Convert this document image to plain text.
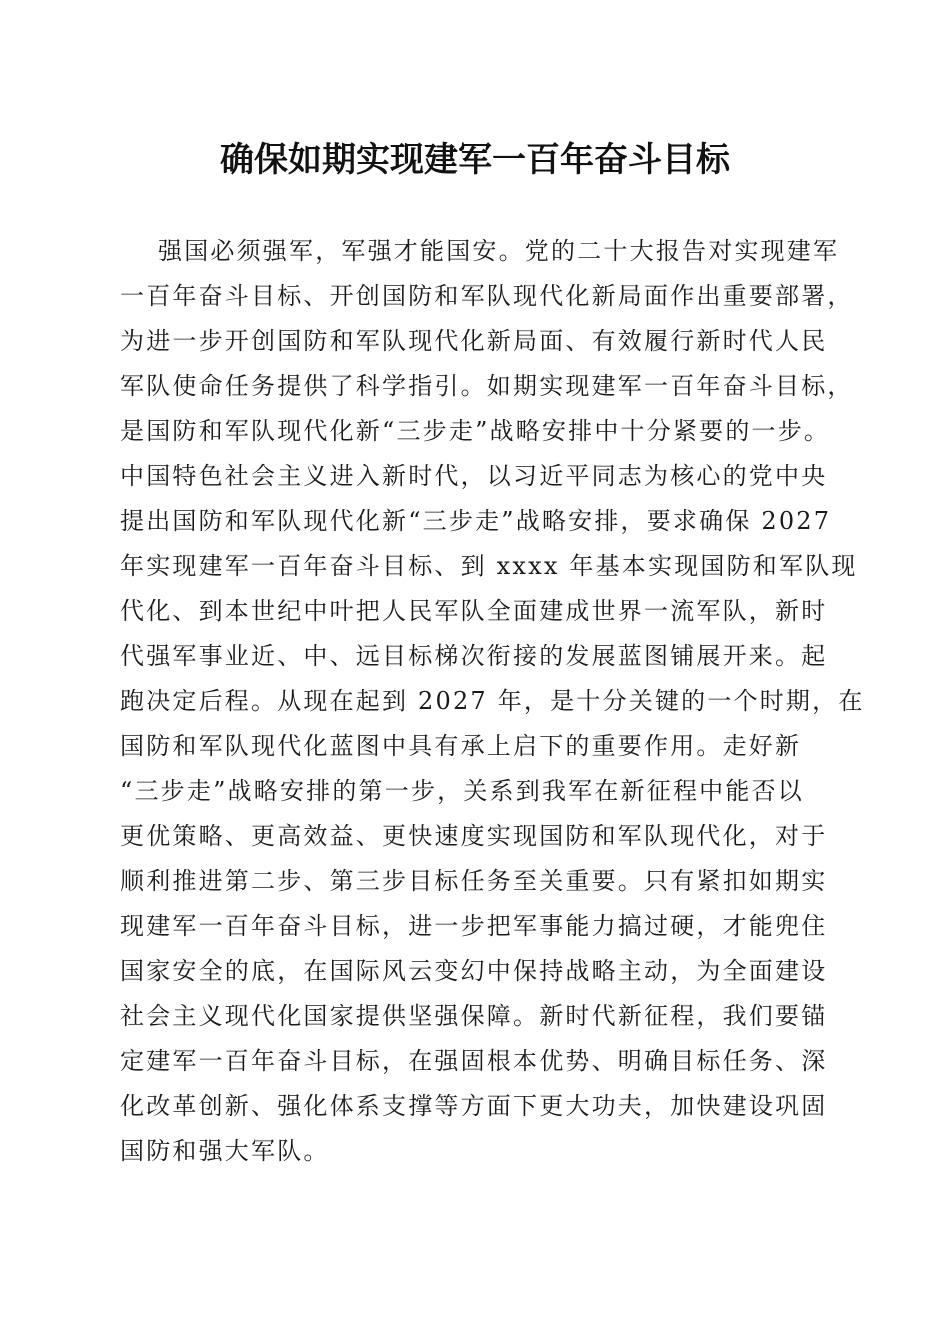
确保如期实现建军一百年奋斗目标
强国必须强军，军强才能国安。党的二十大报告对实现建军
一百年奋斗目标、开创国防和军队现代化新局面作出重要部署，
为进一步开创国防和军队现代化新局面、有效履行新时代人民
军队使命任务提供了科学指引。如期实现建军一百年奋斗目标，
是国防和军队现代化新“三步走”战略安排中十分紧要的一步。
中国特色社会主义进入新时代，以习近平同志为核心的党中央
提出国防和军队现代化新“三步走”战略安排，要求确保 2027
年实现建军一百年奋斗目标、到 xxxx 年基本实现国防和军队现
代化、到本世纪中叶把人民军队全面建成世界一流军队，新时
代强军事业近、中、远目标梯次衔接的发展蓝图铺展开来。起
跑决定后程。从现在起到 2027 年，是十分关键的一个时期，在
国防和军队现代化蓝图中具有承上启下的重要作用。走好新
“三步走”战略安排的第一步，关系到我军在新征程中能否以
更优策略、更高效益、更快速度实现国防和军队现代化，对于
顺利推进第二步、第三步目标任务至关重要。只有紧扣如期实
现建军一百年奋斗目标，进一步把军事能力搞过硬，才能兜住
国家安全的底，在国际风云变幻中保持战略主动，为全面建设
社会主义现代化国家提供坚强保障。新时代新征程，我们要锚
定建军一百年奋斗目标，在强固根本优势、明确目标任务、深
化改革创新、强化体系支撑等方面下更大功夫，加快建设巩固
国防和强大军队。
